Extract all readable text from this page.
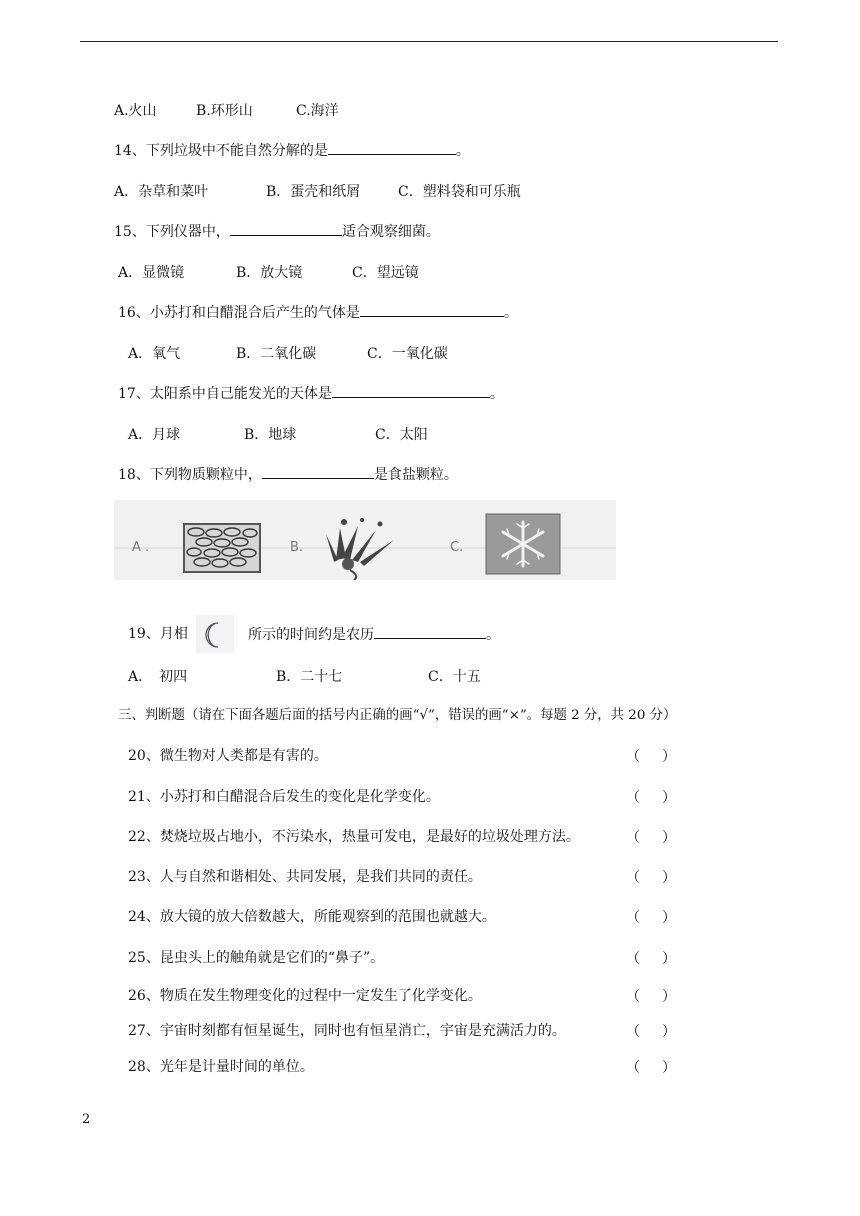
A.火山	B.环形山	C.海洋
14、下列垃圾中不能自然分解的是	。
A．杂草和菜叶	B．蛋壳和纸屑	C．塑料袋和可乐瓶
15、下列仪器中，	适合观察细菌。
A．显微镜	B．放大镜	C．望远镜
16、小苏打和白醋混合后产生的气体是	。
A．氧气	B．二氧化碳	C．一氧化碳
17、太阳系中自己能发光的天体是	。
A．月球	B．地球	C．太阳
18、下列物质颗粒中，	是食盐颗粒。
A .	B.	C.
19、月相	所示的时间约是农历	。
A．　初四	B．二十七	C．十五
三、判断题（请在下面各题后面的括号内正确的画“√”，错误的画“×”。每题 2 分，共 20 分）
20、微生物对人类都是有害的。	（ ）
21、小苏打和白醋混合后发生的变化是化学变化。	（ ）
22、焚烧垃圾占地小，不污染水，热量可发电，是最好的垃圾处理方法。	（ ）
23、人与自然和谐相处、共同发展，是我们共同的责任。	（ ）
24、放大镜的放大倍数越大，所能观察到的范围也就越大。	（ ）
25、昆虫头上的触角就是它们的“鼻子”。	（ ）
26、物质在发生物理变化的过程中一定发生了化学变化。	（ ）
27、宇宙时刻都有恒星诞生，同时也有恒星消亡，宇宙是充满活力的。	（ ）
28、光年是计量时间的单位。	（ ）
2
